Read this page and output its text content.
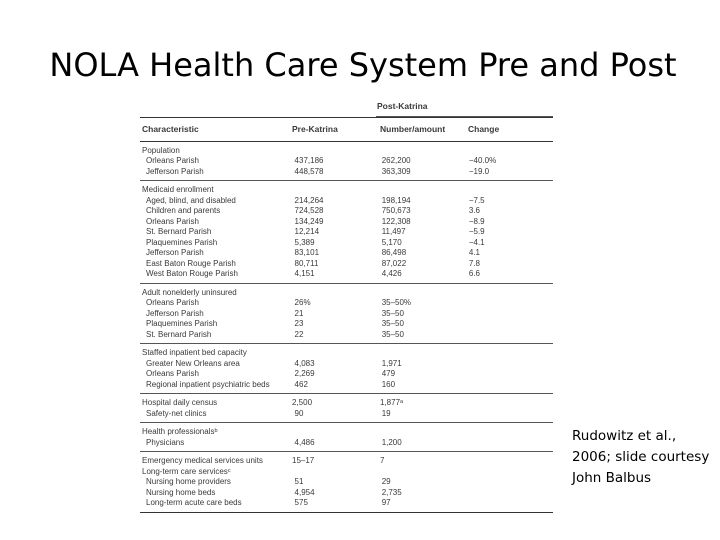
NOLA Health Care System Pre and Post
Post-Katrina
Characteristic	Pre-Katrina	Number/amount	Change
Population
Orleans Parish	437,186	262,200	−40.0%
Jefferson Parish	448,578	363,309	−19.0
Medicaid enrollment
Aged, blind, and disabled	214,264	198,194	−7.5
Children and parents	724,528	750,673	3.6
Orleans Parish	134,249	122,308	−8.9
St. Bernard Parish	12,214	11,497	−5.9
Plaquemines Parish	5,389	5,170	−4.1
Jefferson Parish	83,101	86,498	4.1
East Baton Rouge Parish	80,711	87,022	7.8
West Baton Rouge Parish	4,151	4,426	6.6
Adult nonelderly uninsured
Orleans Parish	26%	35–50%
Jefferson Parish	21	35–50
Plaquemines Parish	23	35–50
St. Bernard Parish	22	35–50
Staffed inpatient bed capacity
Greater New Orleans area	4,083	1,971
Orleans Parish	2,269	479
Regional inpatient psychiatric beds	462	160
Hospital daily census	2,500	1,877$^a$
Safety-net clinics	90	19
Health professionals$^b$
Physicians	4,486	1,200
Emergency medical services units	15–17	7
Long-term care services$^c$
Nursing home providers	51	29
Nursing home beds	4,954	2,735
Long-term acute care beds	575	97
Rudowitz et al., 2006; slide courtesy John Balbus
